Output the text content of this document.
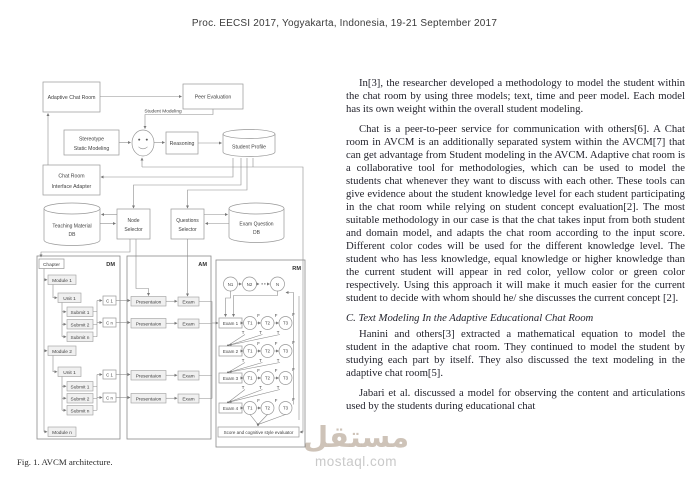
Proc. EECSI 2017, Yogyakarta, Indonesia, 19-21 September 2017
Adaptive Chat Room	Peer Evaluation
Student Modeling
Stereotype
Static Modeling
Reasoning
Student Profile
Chat Room
Interface Adapter
Teaching Material
DB
Node
Selector
Questions
Selector
Exam Question
DB
DM	AM
RM
Chapter
Module 1
Unit 1
Submit 1
Submit 2
Submit n
Module 2
Unit 1
Submit 1
Submit 2
Submit n
Module n
C 1
C n
C 1
C n
Presentaion	Exam
Presentaion	Exam
Presentaion	Exam
Presentaion	Exam
N1	N2	N
• •
Exam 1 T1	T2	T3
F	F	F
T	T	T
Exam 2 T1	T2	T3
F	F	F
T	T	T
Exam 3 T1	T2	T3
F	F	F
T	T	T
Exam 4 T1	T2	T3
F	F	F
Score and cognitive style evaluator
Fig. 1. AVCM architecture.

In[3], the researcher developed a methodology to model the student within the chat room by using three models; text, time and peer model. Each model has its own weight within the overall student modeling.

Chat is a peer-to-peer service for communication with others[6]. A Chat room in AVCM is an additionally separated system within the AVCM[7] that can get advantage from Student modeling in the AVCM. Adaptive chat room is a collaborative tool for methodologies, which can be used to model the students chat whenever they want to discuss with each other. These tools can give evidence about the student knowledge level for each student participating in the chat room while relying on student concept evaluation[2]. The most suitable methodology in our case is that the chat takes input from both student and domain model, and adapts the chat room according to the input score. Different color codes will be used for the different knowledge level. The student who has less knowledge, equal knowledge or higher knowledge than the current student will appear in red color, yellow color or green color respectively. Using this approach it will make it much easier for the current student to decide with whom should he/ she discusses the current concept [2].

C. Text Modeling In the Adaptive Educational Chat Room

Hanini and others[3] extracted a mathematical equation to model the student in the adaptive chat room. They continued to model the student by studying each part by itself. They also discussed the text modeling in the adaptive chat room[5].

Jabari et al. discussed a model for observing the content and articulations used by the students during educational chat

مستقل
mostaql.com
